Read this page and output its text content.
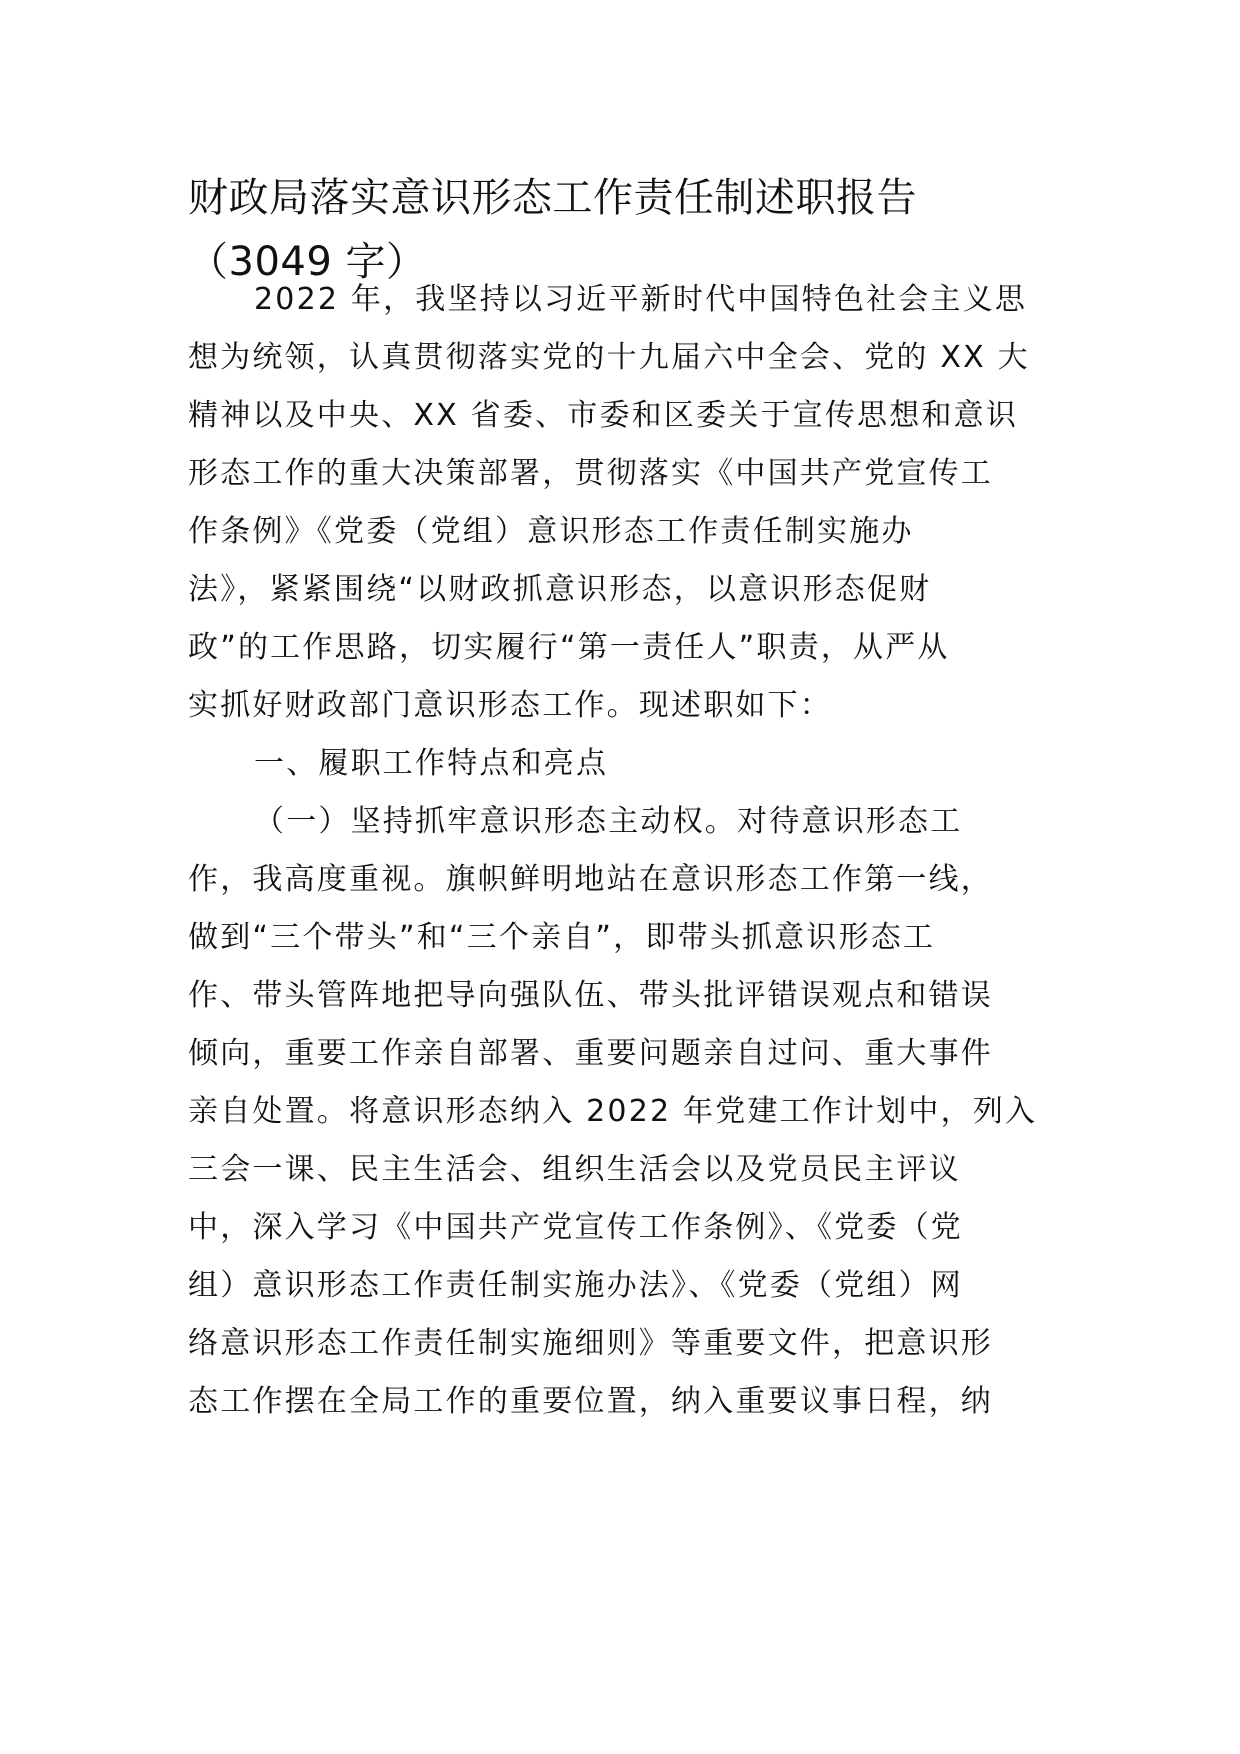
财政局落实意识形态工作责任制述职报告
（3049 字）
2022 年，我坚持以习近平新时代中国特色社会主义思
想为统领，认真贯彻落实党的十九届六中全会、党的 XX 大
精神以及中央、XX 省委、市委和区委关于宣传思想和意识
形态工作的重大决策部署，贯彻落实《中国共产党宣传工
作条例》《党委（党组）意识形态工作责任制实施办
法》，紧紧围绕“以财政抓意识形态，以意识形态促财
政”的工作思路，切实履行“第一责任人”职责，从严从
实抓好财政部门意识形态工作。现述职如下：
一、履职工作特点和亮点
（一）坚持抓牢意识形态主动权。对待意识形态工
作，我高度重视。旗帜鲜明地站在意识形态工作第一线，
做到“三个带头”和“三个亲自”，即带头抓意识形态工
作、带头管阵地把导向强队伍、带头批评错误观点和错误
倾向，重要工作亲自部署、重要问题亲自过问、重大事件
亲自处置。将意识形态纳入 2022 年党建工作计划中，列入
三会一课、民主生活会、组织生活会以及党员民主评议
中，深入学习《中国共产党宣传工作条例》、《党委（党
组）意识形态工作责任制实施办法》、《党委（党组）网
络意识形态工作责任制实施细则》等重要文件，把意识形
态工作摆在全局工作的重要位置，纳入重要议事日程，纳
